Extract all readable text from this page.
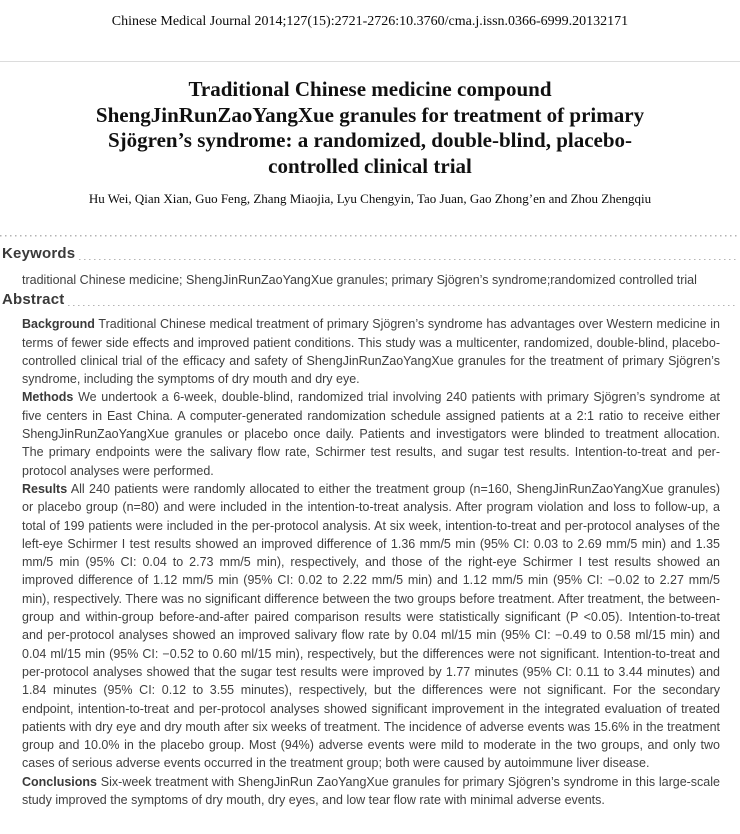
Chinese Medical Journal 2014;127(15):2721-2726:10.3760/cma.j.issn.0366-6999.20132171
Traditional Chinese medicine compound ShengJinRunZaoYangXue granules for treatment of primary Sjögren’s syndrome: a randomized, double-blind, placebo-controlled clinical trial
Hu Wei, Qian Xian, Guo Feng, Zhang Miaojia, Lyu Chengyin, Tao Juan, Gao Zhong’en and Zhou Zhengqiu
Keywords
traditional Chinese medicine; ShengJinRunZaoYangXue granules; primary Sjögren’s syndrome;randomized controlled trial
Abstract

Background Traditional Chinese medical treatment of primary Sjögren’s syndrome has advantages over Western medicine in terms of fewer side effects and improved patient conditions. This study was a multicenter, randomized, double-blind, placebo-controlled clinical trial of the efficacy and safety of ShengJinRunZaoYangXue granules for the treatment of primary Sjögren’s syndrome, including the symptoms of dry mouth and dry eye.

Methods We undertook a 6-week, double-blind, randomized trial involving 240 patients with primary Sjögren’s syndrome at five centers in East China. A computer-generated randomization schedule assigned patients at a 2:1 ratio to receive either ShengJinRunZaoYangXue granules or placebo once daily. Patients and investigators were blinded to treatment allocation. The primary endpoints were the salivary flow rate, Schirmer test results, and sugar test results. Intention-to-treat and per-protocol analyses were performed.

Results All 240 patients were randomly allocated to either the treatment group (n=160, ShengJinRunZaoYangXue granules) or placebo group (n=80) and were included in the intention-to-treat analysis. After program violation and loss to follow-up, a total of 199 patients were included in the per-protocol analysis. At six week, intention-to-treat and per-protocol analyses of the left-eye Schirmer I test results showed an improved difference of 1.36 mm/5 min (95% CI: 0.03 to 2.69 mm/5 min) and 1.35 mm/5 min (95% CI: 0.04 to 2.73 mm/5 min), respectively, and those of the right-eye Schirmer I test results showed an improved difference of 1.12 mm/5 min (95% CI: 0.02 to 2.22 mm/5 min) and 1.12 mm/5 min (95% CI: −0.02 to 2.27 mm/5 min), respectively. There was no significant difference between the two groups before treatment. After treatment, the between-group and within-group before-and-after paired comparison results were statistically significant (P <0.05). Intention-to-treat and per-protocol analyses showed an improved salivary flow rate by 0.04 ml/15 min (95% CI: −0.49 to 0.58 ml/15 min) and 0.04 ml/15 min (95% CI: −0.52 to 0.60 ml/15 min), respectively, but the differences were not significant. Intention-to-treat and per-protocol analyses showed that the sugar test results were improved by 1.77 minutes (95% CI: 0.11 to 3.44 minutes) and 1.84 minutes (95% CI: 0.12 to 3.55 minutes), respectively, but the differences were not significant. For the secondary endpoint, intention-to-treat and per-protocol analyses showed significant improvement in the integrated evaluation of treated patients with dry eye and dry mouth after six weeks of treatment. The incidence of adverse events was 15.6% in the treatment group and 10.0% in the placebo group. Most (94%) adverse events were mild to moderate in the two groups, and only two cases of serious adverse events occurred in the treatment group; both were caused by autoimmune liver disease.

Conclusions Six-week treatment with ShengJinRun ZaoYangXue granules for primary Sjögren’s syndrome in this large-scale study improved the symptoms of dry mouth, dry eyes, and low tear flow rate with minimal adverse events.
